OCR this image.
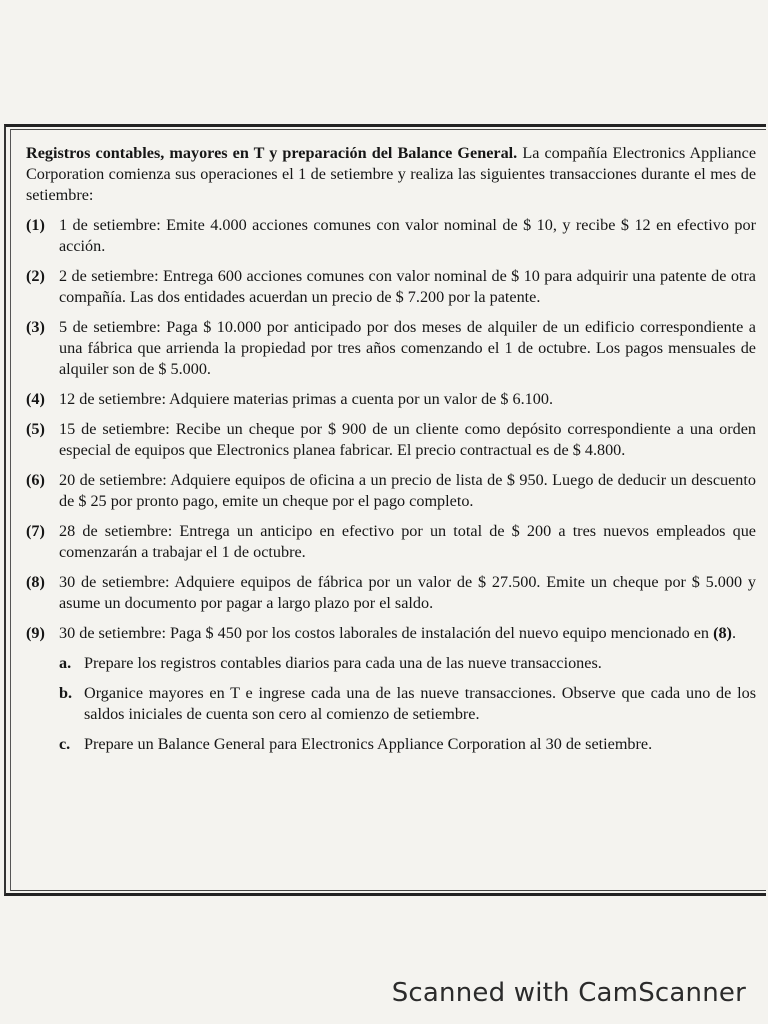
Registros contables, mayores en T y preparación del Balance General. La compañía Electronics Appliance Corporation comienza sus operaciones el 1 de setiembre y realiza las siguientes transacciones durante el mes de setiembre:

(1) 1 de setiembre: Emite 4.000 acciones comunes con valor nominal de $ 10, y recibe $ 12 en efectivo por acción.
(2) 2 de setiembre: Entrega 600 acciones comunes con valor nominal de $ 10 para adquirir una patente de otra compañía. Las dos entidades acuerdan un precio de $ 7.200 por la patente.
(3) 5 de setiembre: Paga $ 10.000 por anticipado por dos meses de alquiler de un edificio correspondiente a una fábrica que arrienda la propiedad por tres años comenzando el 1 de octubre. Los pagos mensuales de alquiler son de $ 5.000.
(4) 12 de setiembre: Adquiere materias primas a cuenta por un valor de $ 6.100.
(5) 15 de setiembre: Recibe un cheque por $ 900 de un cliente como depósito correspondiente a una orden especial de equipos que Electronics planea fabricar. El precio contractual es de $ 4.800.
(6) 20 de setiembre: Adquiere equipos de oficina a un precio de lista de $ 950. Luego de deducir un descuento de $ 25 por pronto pago, emite un cheque por el pago completo.
(7) 28 de setiembre: Entrega un anticipo en efectivo por un total de $ 200 a tres nuevos empleados que comenzarán a trabajar el 1 de octubre.
(8) 30 de setiembre: Adquiere equipos de fábrica por un valor de $ 27.500. Emite un cheque por $ 5.000 y asume un documento por pagar a largo plazo por el saldo.
(9) 30 de setiembre: Paga $ 450 por los costos laborales de instalación del nuevo equipo mencionado en (8).
a. Prepare los registros contables diarios para cada una de las nueve transacciones.
b. Organice mayores en T e ingrese cada una de las nueve transacciones. Observe que cada uno de los saldos iniciales de cuenta son cero al comienzo de setiembre.
c. Prepare un Balance General para Electronics Appliance Corporation al 30 de setiembre.
Scanned with CamScanner
